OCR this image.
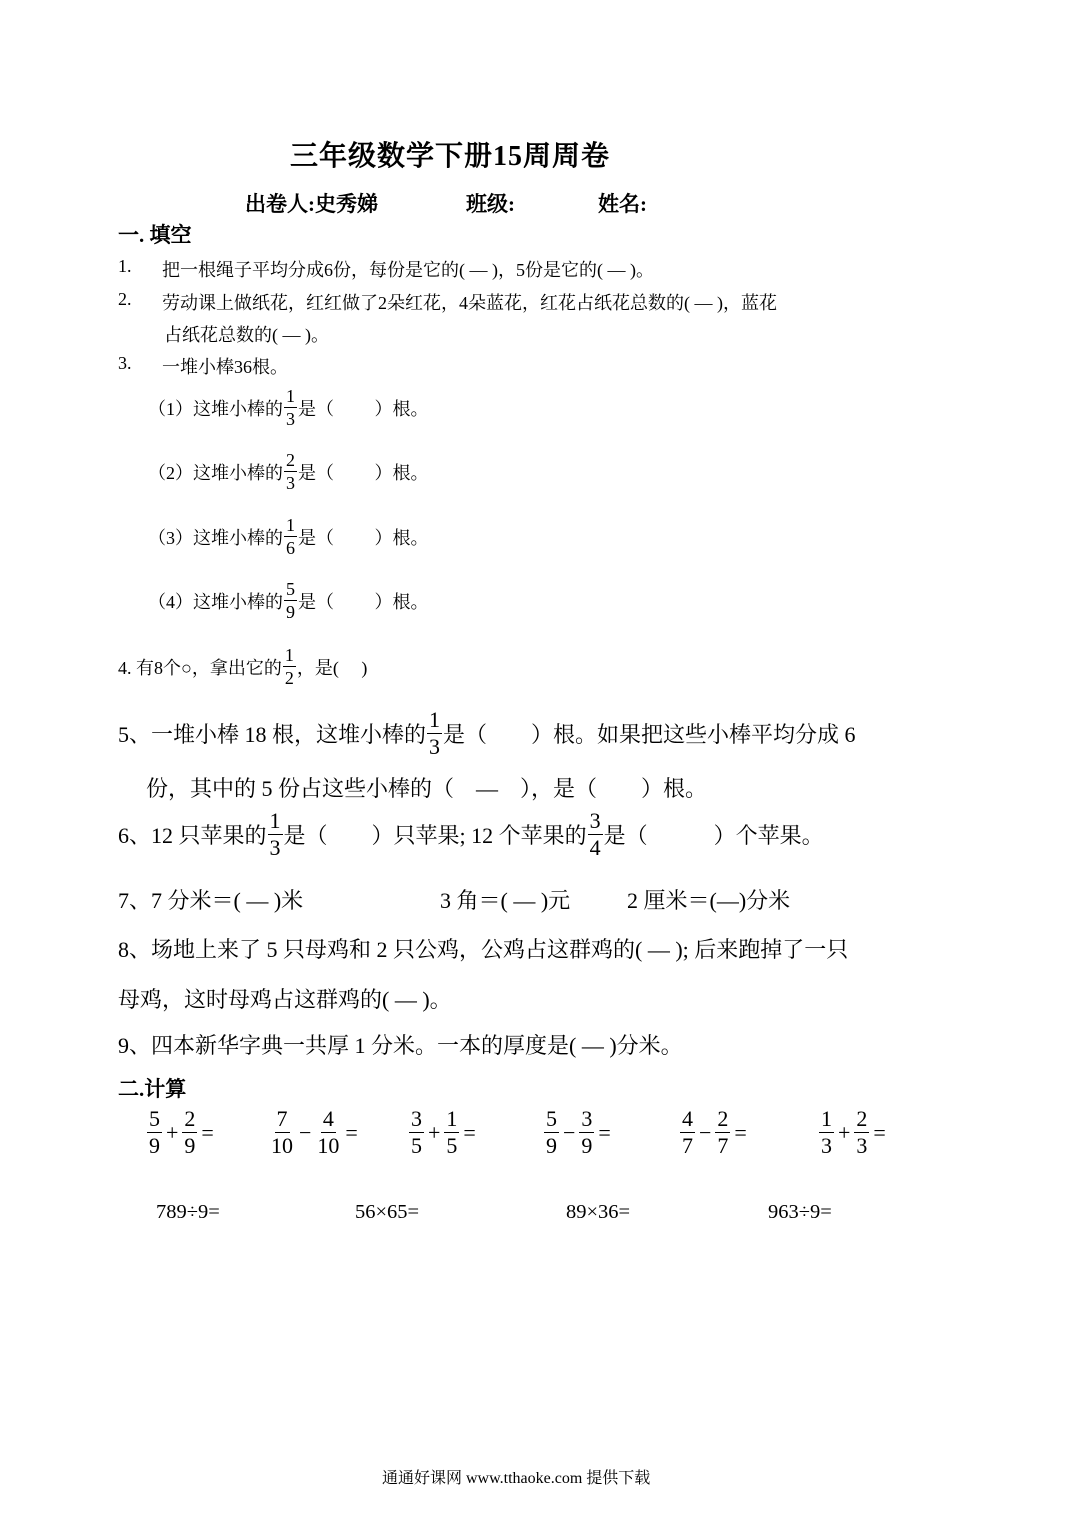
三年级数学下册15周周卷
出卷人:史秀娣	班级:	姓名:
一. 填空
1. 把一根绳子平均分成6份，每份是它的( — )，5份是它的( — )。
2. 劳动课上做纸花，红红做了2朵红花，4朵蓝花，红花占纸花总数的( — )，蓝花
占纸花总数的( — )。
3. 一堆小棒36根。
（1）这堆小棒的 $\frac{1}{3}$ 是（　　 ）根。
（2）这堆小棒的 $\frac{2}{3}$ 是（　　 ）根。
（3）这堆小棒的 $\frac{1}{6}$ 是（　　 ）根。
（4）这堆小棒的 $\frac{5}{9}$ 是（　　 ）根。
4. 有8个○，拿出它的 $\frac{1}{2}$ ，是(　 )
5、一堆小棒 18 根，这堆小棒的 $\frac{1}{3}$ 是（　　）根。如果把这些小棒平均分成 6
份，其中的 5 份占这些小棒的（　—　），是（　　）根。
6、12 只苹果的 $\frac{1}{3}$ 是（　　）只苹果; 12 个苹果的 $\frac{3}{4}$ 是（　　　）个苹果。
7、7 分米＝( — )米	3 角＝( — )元	2 厘米＝(—)分米
8、场地上来了 5 只母鸡和 2 只公鸡，公鸡占这群鸡的( — ); 后来跑掉了一只
母鸡，这时母鸡占这群鸡的( — )。
9、四本新华字典一共厚 1 分米。一本的厚度是( — )分米。
二.计算
$\frac{5}{9} + \frac{2}{9}$ =	$\frac{7}{10} - \frac{4}{10} = \frac{3}{5} + \frac{1}{5}$ =	$\frac{5}{9} - \frac{3}{9}$ =	$\frac{4}{7} - \frac{2}{7}$ =	$\frac{1}{3} + \frac{2}{3}$ =
789÷9=	56×65=	89×36=	963÷9=
通通好课网 www.tthaoke.com 提供下载
